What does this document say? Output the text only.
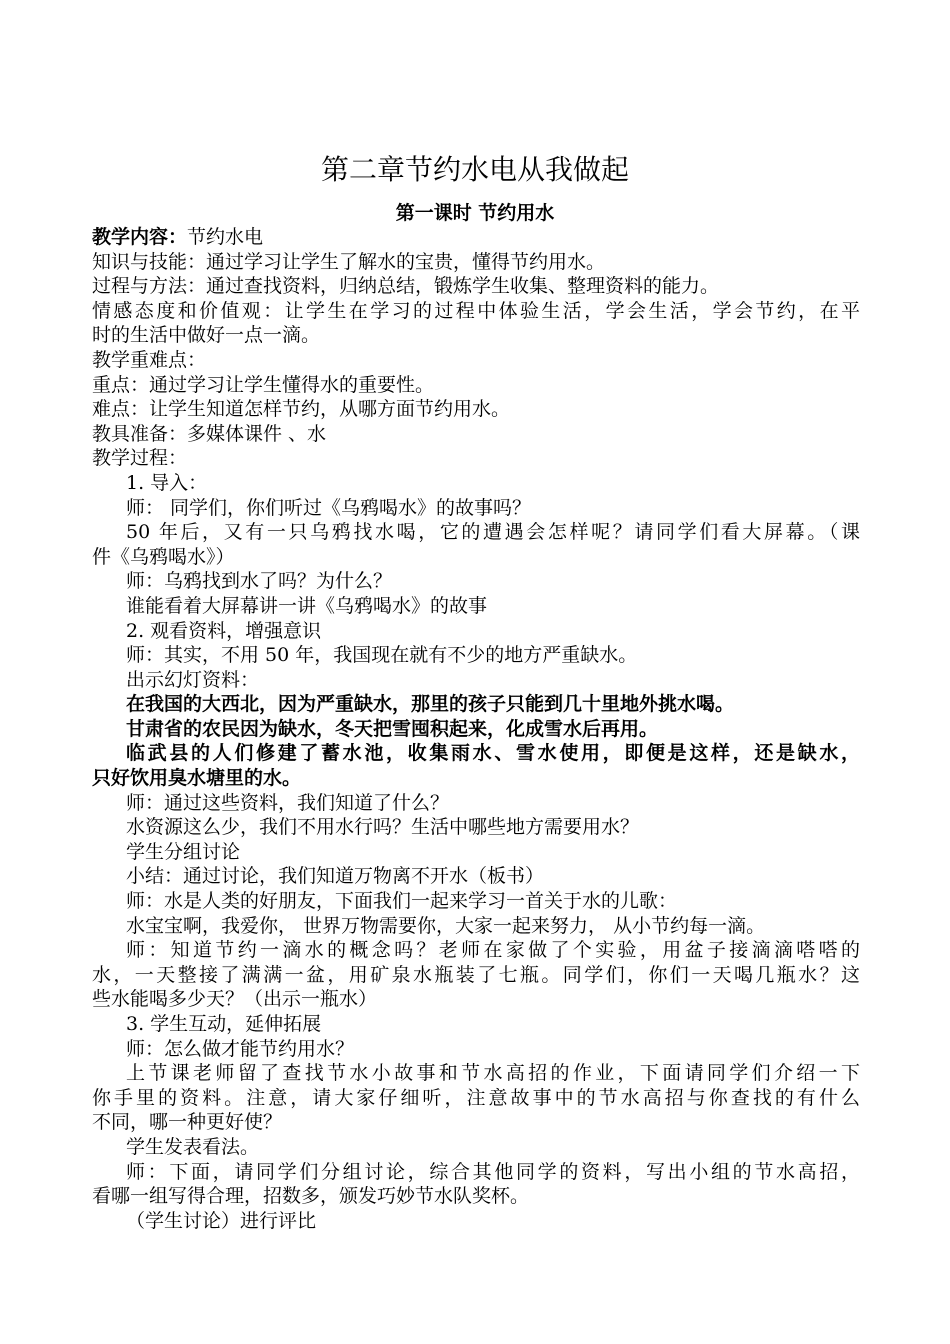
第二章节约水电从我做起
第一课时 节约用水
教学内容：节约水电
知识与技能：通过学习让学生了解水的宝贵，懂得节约用水。
过程与方法：通过查找资料，归纳总结，锻炼学生收集、整理资料的能力。
情感态度和价值观：让学生在学习的过程中体验生活，学会生活，学会节约，在平
时的生活中做好一点一滴。
教学重难点：
重点：通过学习让学生懂得水的重要性。
难点：让学生知道怎样节约，从哪方面节约用水。
教具准备：多媒体课件 、水
教学过程：
1. 导入：
师： 同学们，你们听过《乌鸦喝水》的故事吗？
50 年后，又有一只乌鸦找水喝，它的遭遇会怎样呢？请同学们看大屏幕。（课
件《乌鸦喝水》）
师：乌鸦找到水了吗？为什么？
谁能看着大屏幕讲一讲《乌鸦喝水》的故事
2. 观看资料，增强意识
师：其实，不用 50 年，我国现在就有不少的地方严重缺水。
出示幻灯资料：
在我国的大西北，因为严重缺水，那里的孩子只能到几十里地外挑水喝。
甘肃省的农民因为缺水，冬天把雪囤积起来，化成雪水后再用。
临武县的人们修建了蓄水池，收集雨水、雪水使用，即便是这样，还是缺水，
只好饮用臭水塘里的水。
师：通过这些资料，我们知道了什么？
水资源这么少，我们不用水行吗？生活中哪些地方需要用水？
学生分组讨论
小结：通过讨论，我们知道万物离不开水（板书）
师：水是人类的好朋友，下面我们一起来学习一首关于水的儿歌：
水宝宝啊，我爱你， 世界万物需要你，大家一起来努力， 从小节约每一滴。
师：知道节约一滴水的概念吗？老师在家做了个实验，用盆子接滴滴嗒嗒的
水，一天整接了满满一盆，用矿泉水瓶装了七瓶。同学们，你们一天喝几瓶水？这
些水能喝多少天？（出示一瓶水）
3. 学生互动，延伸拓展
师：怎么做才能节约用水？
上节课老师留了查找节水小故事和节水高招的作业，下面请同学们介绍一下
你手里的资料。注意，请大家仔细听，注意故事中的节水高招与你查找的有什么
不同，哪一种更好使？
学生发表看法。
师：下面，请同学们分组讨论，综合其他同学的资料，写出小组的节水高招，
看哪一组写得合理，招数多，颁发巧妙节水队奖杯。
（学生讨论）进行评比
